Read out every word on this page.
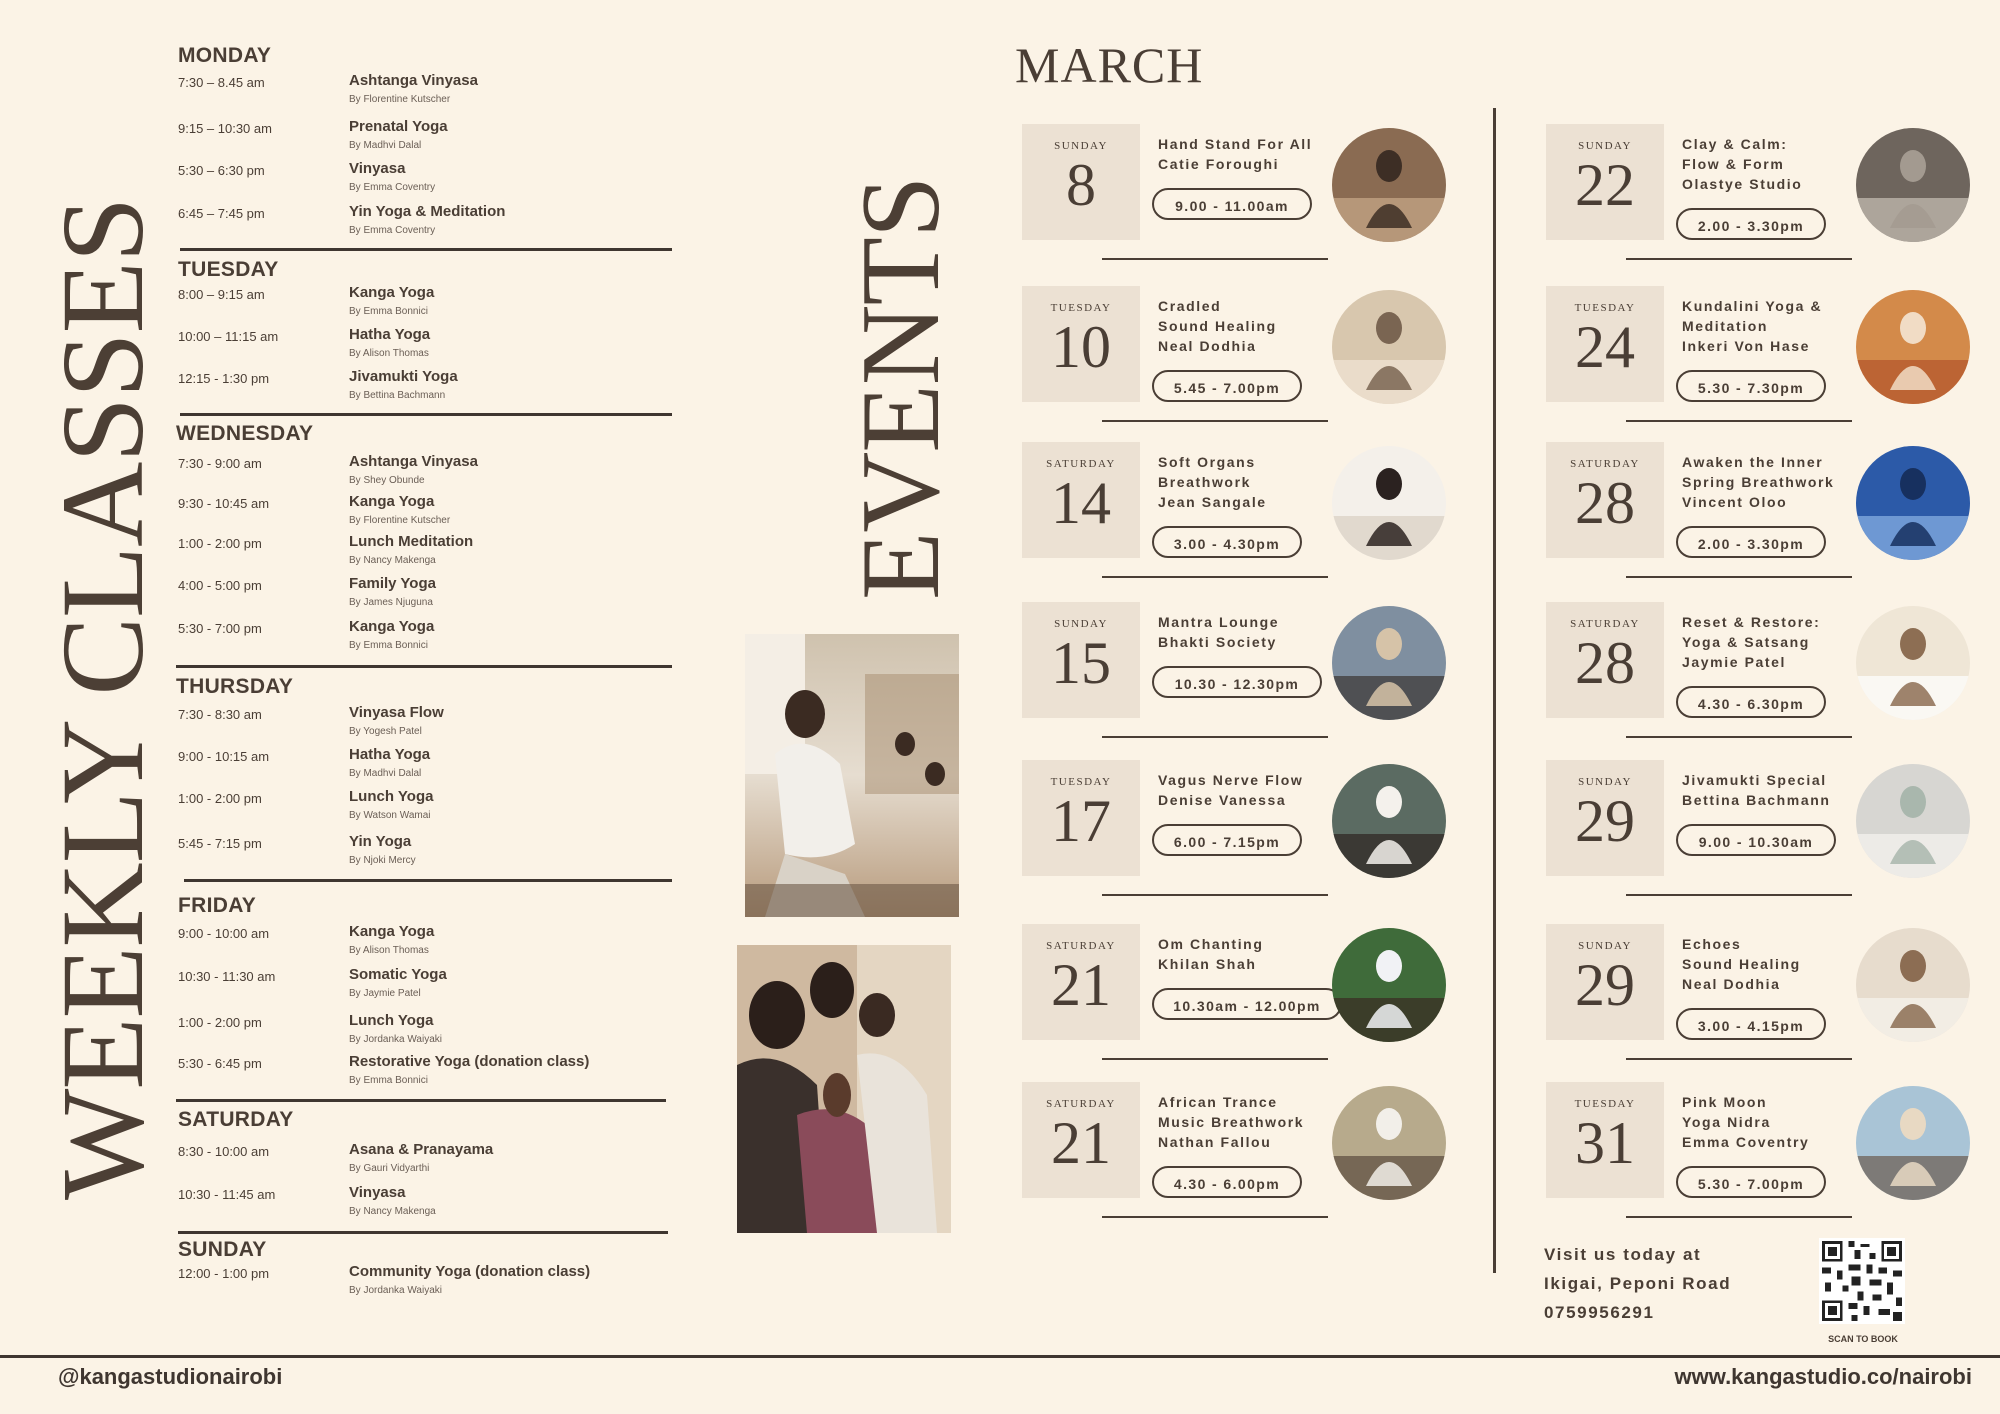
WEEKLY CLASSES	EVENTS
MARCH
MONDAY
7:30 – 8.45 am	Ashtanga Vinyasa
By Florentine Kutscher
9:15 – 10:30 am	Prenatal Yoga
By Madhvi Dalal
5:30 – 6:30 pm	Vinyasa
By Emma Coventry
6:45 – 7:45 pm	Yin Yoga & Meditation
By Emma Coventry
TUESDAY
8:00 – 9:15 am	Kanga Yoga
By Emma Bonnici
10:00 – 11:15 am	Hatha Yoga
By Alison Thomas
12:15 - 1:30 pm	Jivamukti Yoga
By Bettina Bachmann
WEDNESDAY
7:30 - 9:00 am	Ashtanga Vinyasa
By Shey Obunde
9:30 - 10:45 am	Kanga Yoga
By Florentine Kutscher
1:00 - 2:00 pm	Lunch Meditation
By Nancy Makenga
4:00 - 5:00 pm	Family Yoga
By James Njuguna
5:30 - 7:00 pm	Kanga Yoga
By Emma Bonnici
THURSDAY
7:30 - 8:30 am	Vinyasa Flow
By Yogesh Patel
9:00 - 10:15 am	Hatha Yoga
By Madhvi Dalal
1:00 - 2:00 pm	Lunch Yoga
By Watson Wamai
5:45 - 7:15 pm	Yin Yoga
By Njoki Mercy
FRIDAY
9:00 - 10:00 am	Kanga Yoga
By Alison Thomas
10:30 - 11:30 am	Somatic Yoga
By Jaymie Patel
1:00 - 2:00 pm	Lunch Yoga
By Jordanka Waiyaki
5:30 - 6:45 pm	Restorative Yoga (donation class)
By Emma Bonnici
SATURDAY
8:30 - 10:00 am	Asana & Pranayama
By Gauri Vidyarthi
10:30 - 11:45 am	Vinyasa
By Nancy Makenga
SUNDAY
12:00 - 1:00 pm	Community Yoga (donation class)
By Jordanka Waiyaki
SUNDAY
8
Hand Stand For All
Catie Foroughi
9.00 - 11.00am
TUESDAY
10
Cradled
Sound Healing
Neal Dodhia
5.45 - 7.00pm
SATURDAY
14
Soft Organs
Breathwork
Jean Sangale
3.00 - 4.30pm
SUNDAY
15
Mantra Lounge
Bhakti Society
10.30 - 12.30pm
TUESDAY
17
Vagus Nerve Flow
Denise Vanessa
6.00 - 7.15pm
SATURDAY
21
Om Chanting
Khilan Shah
10.30am - 12.00pm
SATURDAY
21
African Trance
Music Breathwork
Nathan Fallou
4.30 - 6.00pm
SUNDAY
22
Clay & Calm:
Flow & Form
Olastye Studio
2.00 - 3.30pm
TUESDAY
24
Kundalini Yoga &
Meditation
Inkeri Von Hase
5.30 - 7.30pm
SATURDAY
28
Awaken the Inner
Spring Breathwork
Vincent Oloo
2.00 - 3.30pm
SATURDAY
28
Reset & Restore:
Yoga & Satsang
Jaymie Patel
4.30 - 6.30pm
SUNDAY
29
Jivamukti Special
Bettina Bachmann
9.00 - 10.30am
SUNDAY
29
Echoes
Sound Healing
Neal Dodhia
3.00 - 4.15pm
TUESDAY
31
Pink Moon
Yoga Nidra
Emma Coventry
5.30 - 7.00pm
Visit us today at
Ikigai, Peponi Road
0759956291
SCAN TO BOOK
@kangastudionairobi	www.kangastudio.co/nairobi
